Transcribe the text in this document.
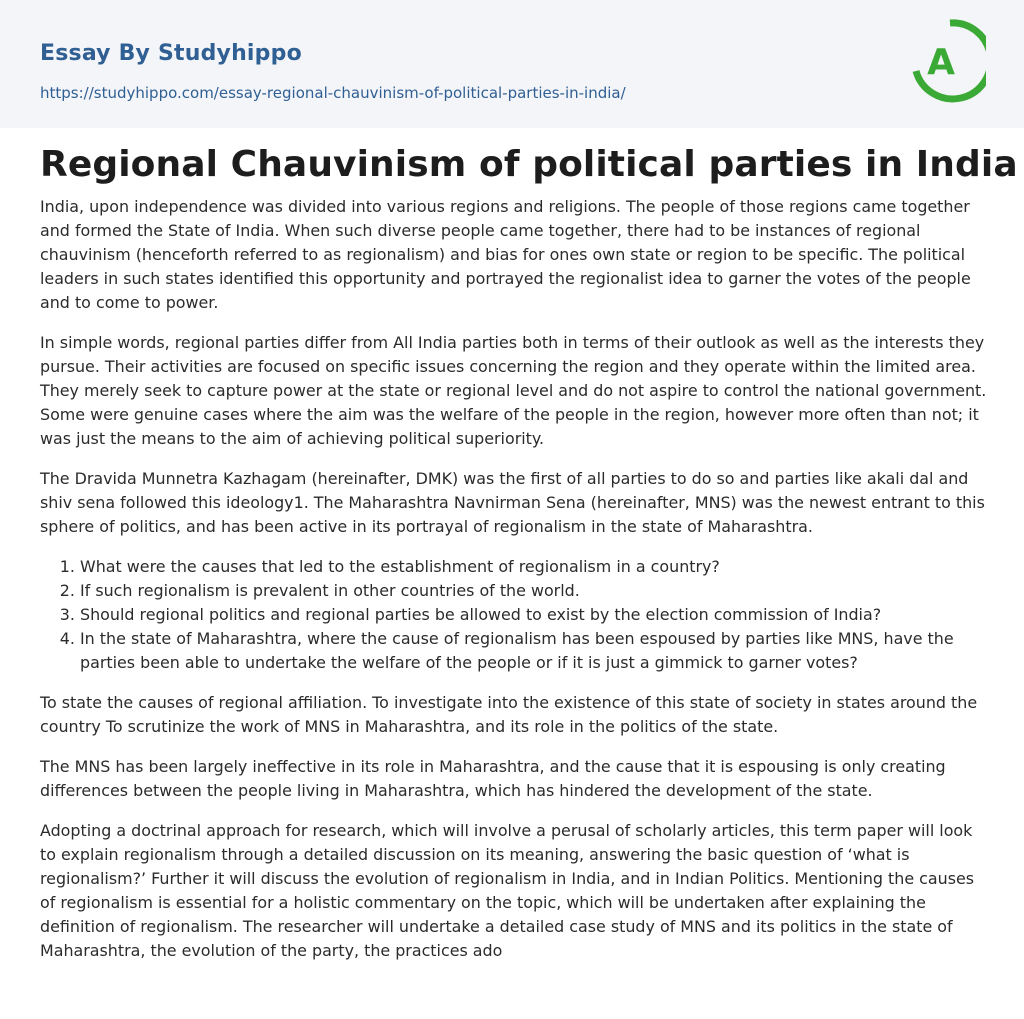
Essay By Studyhippo
https://studyhippo.com/essay-regional-chauvinism-of-political-parties-in-india/
A
Regional Chauvinism of political parties in India

India, upon independence was divided into various regions and religions. The people of those regions came together and formed the State of India. When such diverse people came together, there had to be instances of regional chauvinism (henceforth referred to as regionalism) and bias for ones own state or region to be specific. The political leaders in such states identified this opportunity and portrayed the regionalist idea to garner the votes of the people and to come to power.

In simple words, regional parties differ from All India parties both in terms of their outlook as well as the interests they pursue. Their activities are focused on specific issues concerning the region and they operate within the limited area. They merely seek to capture power at the state or regional level and do not aspire to control the national government. Some were genuine cases where the aim was the welfare of the people in the region, however more often than not; it was just the means to the aim of achieving political superiority.

The Dravida Munnetra Kazhagam (hereinafter, DMK) was the first of all parties to do so and parties like akali dal and shiv sena followed this ideology1. The Maharashtra Navnirman Sena (hereinafter, MNS) was the newest entrant to this sphere of politics, and has been active in its portrayal of regionalism in the state of Maharashtra.

1. What were the causes that led to the establishment of regionalism in a country?
2. If such regionalism is prevalent in other countries of the world.
3. Should regional politics and regional parties be allowed to exist by the election commission of India?
4. In the state of Maharashtra, where the cause of regionalism has been espoused by parties like MNS, have the parties been able to undertake the welfare of the people or if it is just a gimmick to garner votes?

To state the causes of regional affiliation. To investigate into the existence of this state of society in states around the country To scrutinize the work of MNS in Maharashtra, and its role in the politics of the state.

The MNS has been largely ineffective in its role in Maharashtra, and the cause that it is espousing is only creating differences between the people living in Maharashtra, which has hindered the development of the state.

Adopting a doctrinal approach for research, which will involve a perusal of scholarly articles, this term paper will look to explain regionalism through a detailed discussion on its meaning, answering the basic question of ‘what is regionalism?’ Further it will discuss the evolution of regionalism in India, and in Indian Politics. Mentioning the causes of regionalism is essential for a holistic commentary on the topic, which will be undertaken after explaining the definition of regionalism. The researcher will undertake a detailed case study of MNS and its politics in the state of Maharashtra, the evolution of the party, the practices ado
